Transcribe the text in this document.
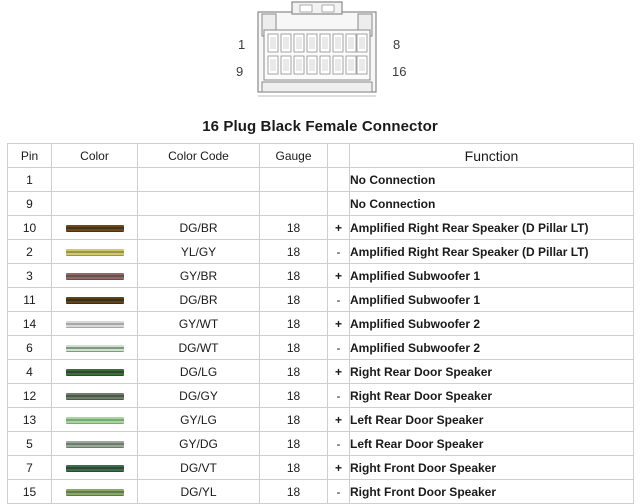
1	8
9	16
16 Plug Black Female Connector
Pin	Color	Color Code	Gauge		Function
1					No Connection
9					No Connection
10		DG/BR	18	+	Amplified Right Rear Speaker (D Pillar LT)
2		YL/GY	18	-	Amplified Right Rear Speaker (D Pillar LT)
3		GY/BR	18	+	Amplified Subwoofer 1
11		DG/BR	18	-	Amplified Subwoofer 1
14		GY/WT	18	+	Amplified Subwoofer 2
6		DG/WT	18	-	Amplified Subwoofer 2
4		DG/LG	18	+	Right Rear Door Speaker
12		DG/GY	18	-	Right Rear Door Speaker
13		GY/LG	18	+	Left Rear Door Speaker
5		GY/DG	18	-	Left Rear Door Speaker
7		DG/VT	18	+	Right Front Door Speaker
15		DG/YL	18	-	Right Front Door Speaker
